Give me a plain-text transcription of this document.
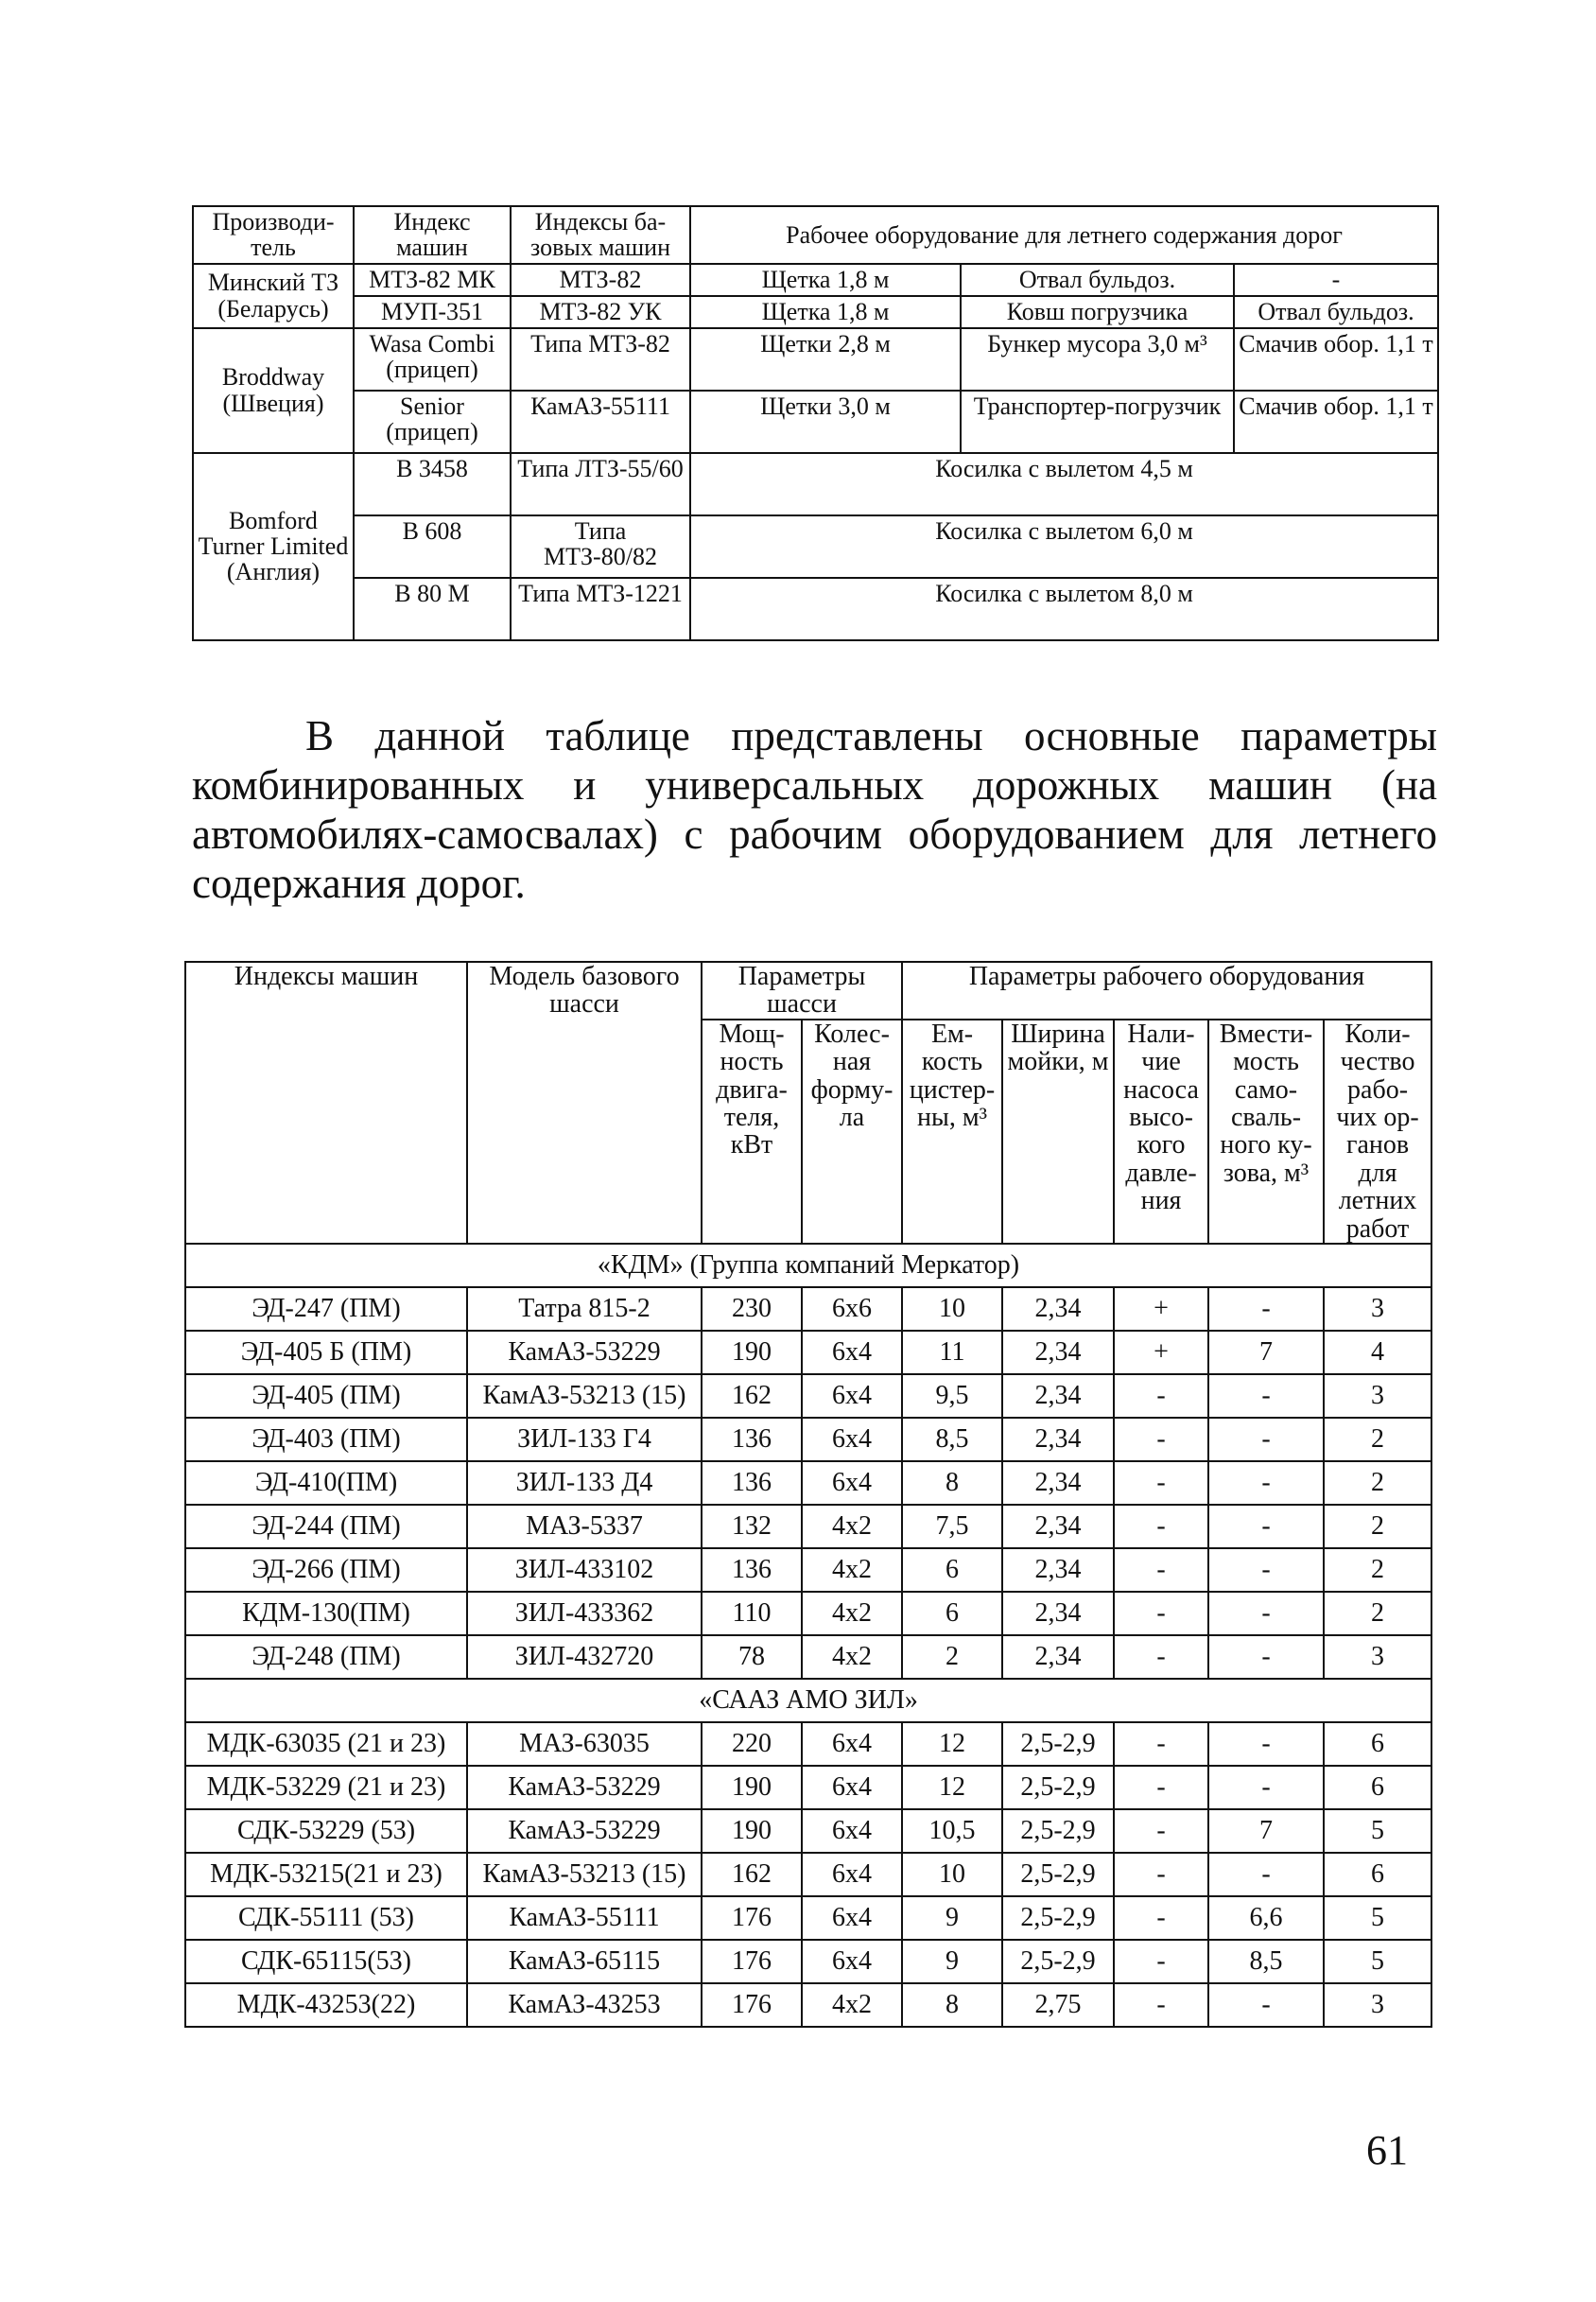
Производи-тель	Индекс машин	Индексы ба-зовых машин	Рабочее оборудование для летнего содержания дорог		
Минский ТЗ (Беларусь)	МТЗ-82 МК	МТЗ-82	Щетка 1,8 м	Отвал бульдоз.	-
	МУП-351	МТЗ-82 УК	Щетка 1,8 м	Ковш погрузчика	Отвал бульдоз.
Broddway (Швеция)	Wasa Combi (прицеп)	Типа МТЗ-82	Щетки 2,8 м	Бункер мусора 3,0 м³	Смачив обор. 1,1 т
	Senior (прицеп)	КамАЗ-55111	Щетки 3,0 м	Транспортер-погрузчик	Смачив обор. 1,1 т
Bomford Turner Limited (Англия)	В 3458	Типа ЛТЗ-55/60	Косилка с вылетом 4,5 м		
	В 608	Типа МТЗ-80/82	Косилка с вылетом 6,0 м		
	В 80 М	Типа МТЗ-1221	Косилка с вылетом 8,0 м		
В данной таблице представлены основные параметры
комбинированных и универсальных дорожных машин (на
автомобилях-самосвалах) с рабочим оборудованием для летнего
содержания дорог.
Индексы машин	Модель базового шасси	Параметры шасси		Параметры рабочего оборудования				
		Мощ-ность двига-теля, кВт	Колес-ная форму-ла	Ем-кость цистер-ны, м³	Ширина мойки, м	Нали-чие насоса высо-кого давле-ния	Вмести-мость само-сваль-ного ку-зова, м³	Коли-чество рабо-чих ор-ганов для летних работ
«КДМ» (Группа компаний Меркатор)								
ЭД-247 (ПМ)	Татра 815-2	230	6х6	10	2,34	+	-	3
ЭД-405 Б (ПМ)	КамАЗ-53229	190	6х4	11	2,34	+	7	4
ЭД-405 (ПМ)	КамАЗ-53213 (15)	162	6х4	9,5	2,34	-	-	3
ЭД-403 (ПМ)	ЗИЛ-133 Г4	136	6х4	8,5	2,34	-	-	2
ЭД-410(ПМ)	ЗИЛ-133 Д4	136	6х4	8	2,34	-	-	2
ЭД-244 (ПМ)	МАЗ-5337	132	4х2	7,5	2,34	-	-	2
ЭД-266 (ПМ)	ЗИЛ-433102	136	4х2	6	2,34	-	-	2
КДМ-130(ПМ)	ЗИЛ-433362	110	4х2	6	2,34	-	-	2
ЭД-248 (ПМ)	ЗИЛ-432720	78	4х2	2	2,34	-	-	3
«СААЗ АМО ЗИЛ»								
МДК-63035 (21 и 23)	МАЗ-63035	220	6х4	12	2,5-2,9	-	-	6
МДК-53229 (21 и 23)	КамАЗ-53229	190	6х4	12	2,5-2,9	-	-	6
СДК-53229 (53)	КамАЗ-53229	190	6х4	10,5	2,5-2,9	-	7	5
МДК-53215(21 и 23)	КамАЗ-53213 (15)	162	6х4	10	2,5-2,9	-	-	6
СДК-55111 (53)	КамАЗ-55111	176	6х4	9	2,5-2,9	-	6,6	5
СДК-65115(53)	КамАЗ-65115	176	6х4	9	2,5-2,9	-	8,5	5
МДК-43253(22)	КамАЗ-43253	176	4х2	8	2,75	-	-	3
61
